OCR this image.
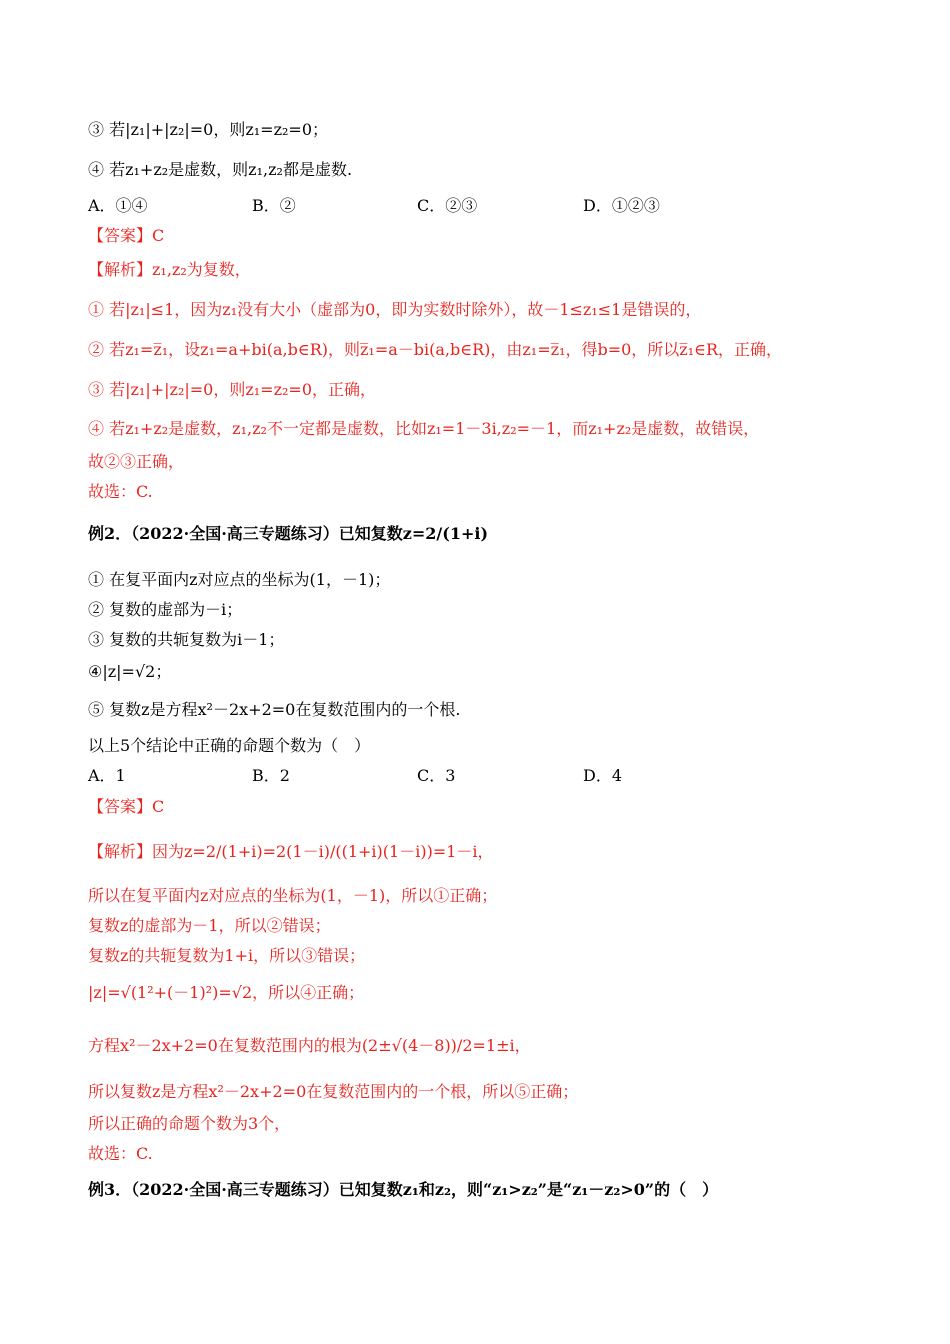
③ 若|z₁|+|z₂|=0，则z₁=z₂=0；
④ 若z₁+z₂是虚数，则z₁,z₂都是虚数.
A．①④	B．②	C．②③	D．①②③
【答案】C
【解析】z₁,z₂为复数，
① 若|z₁|≤1，因为z₁没有大小（虚部为0，即为实数时除外），故－1≤z₁≤1是错误的，
② 若z₁=z̅₁，设z₁=a+bi(a,b∈R)，则z̅₁=a－bi(a,b∈R)，由z₁=z̅₁，得b=0，所以z̅₁∈R，正确，
③ 若|z₁|+|z₂|=0，则z₁=z₂=0，正确，
④ 若z₁+z₂是虚数，z₁,z₂不一定都是虚数，比如z₁=1－3i,z₂=－1，而z₁+z₂是虚数，故错误，
故②③正确，
故选：C.
例2．（2022·全国·高三专题练习）已知复数z=2/(1+i)
① 在复平面内z对应点的坐标为(1，－1)；
② 复数的虚部为－i；
③ 复数的共轭复数为i－1；
④|z|=√2；
⑤ 复数z是方程x²－2x+2=0在复数范围内的一个根.
以上5个结论中正确的命题个数为（　）
A．1	B．2	C．3	D．4
【答案】C
【解析】因为z=2/(1+i)=2(1－i)/((1+i)(1－i))=1－i，
所以在复平面内z对应点的坐标为(1，－1)，所以①正确；
复数z的虚部为－1，所以②错误；
复数z的共轭复数为1+i，所以③错误；
|z|=√(1²+(－1)²)=√2，所以④正确；
方程x²－2x+2=0在复数范围内的根为(2±√(4－8))/2=1±i，
所以复数z是方程x²－2x+2=0在复数范围内的一个根，所以⑤正确；
所以正确的命题个数为3个，
故选：C.
例3．（2022·全国·高三专题练习）已知复数z₁和z₂，则“z₁>z₂”是“z₁－z₂>0”的（　）
